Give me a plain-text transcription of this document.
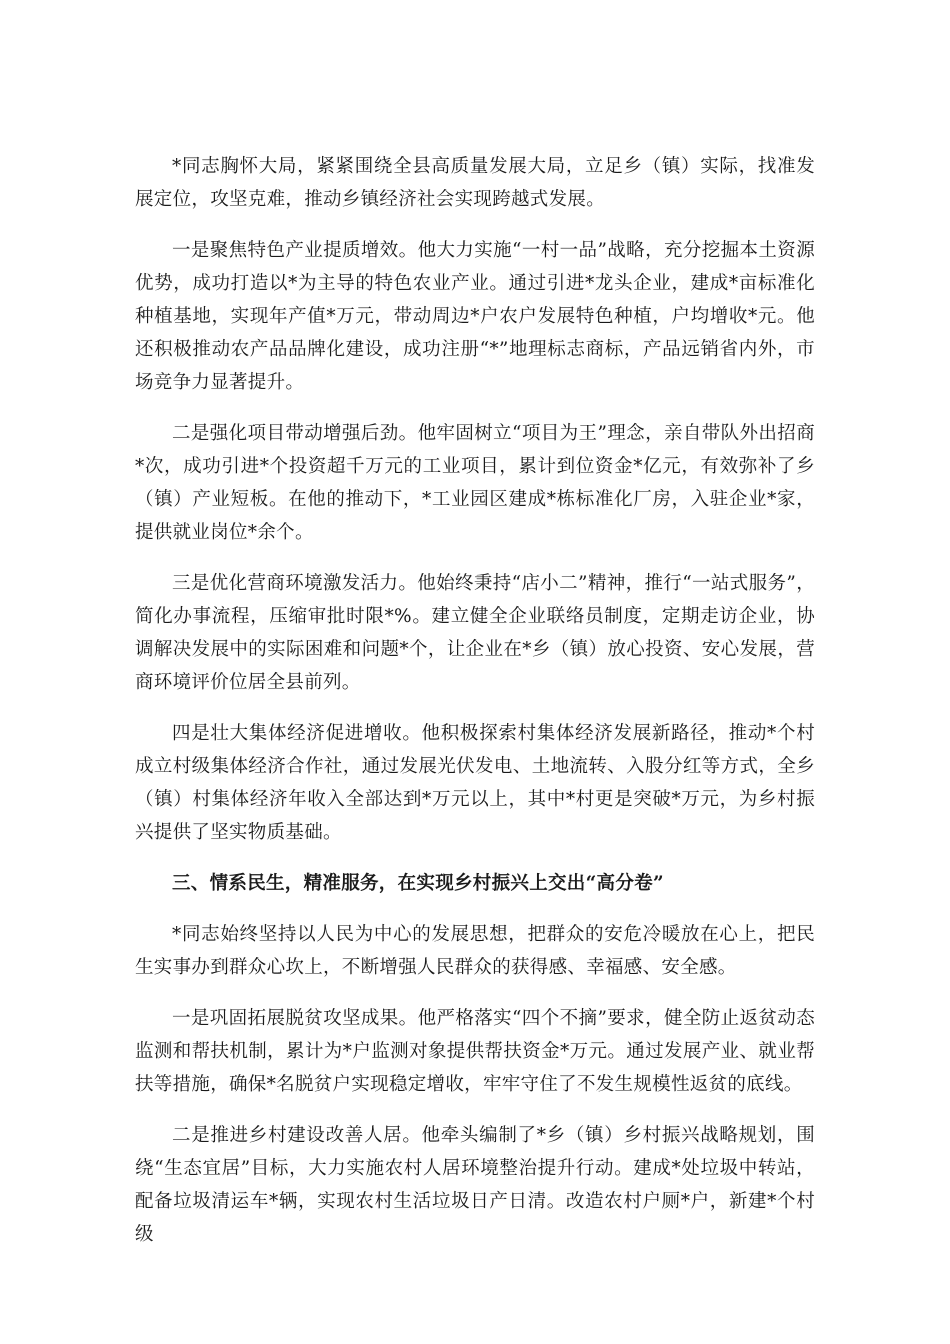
*同志胸怀大局，紧紧围绕全县高质量发展大局，立足乡（镇）实际，找准发展定位，攻坚克难，推动乡镇经济社会实现跨越式发展。

一是聚焦特色产业提质增效。他大力实施“一村一品”战略，充分挖掘本土资源优势，成功打造以*为主导的特色农业产业。通过引进*龙头企业，建成*亩标准化种植基地，实现年产值*万元，带动周边*户农户发展特色种植，户均增收*元。他还积极推动农产品品牌化建设，成功注册“*”地理标志商标，产品远销省内外，市场竞争力显著提升。

二是强化项目带动增强后劲。他牢固树立“项目为王”理念，亲自带队外出招商*次，成功引进*个投资超千万元的工业项目，累计到位资金*亿元，有效弥补了乡（镇）产业短板。在他的推动下，*工业园区建成*栋标准化厂房，入驻企业*家，提供就业岗位*余个。

三是优化营商环境激发活力。他始终秉持“店小二”精神，推行“一站式服务”，简化办事流程，压缩审批时限*%。建立健全企业联络员制度，定期走访企业，协调解决发展中的实际困难和问题*个，让企业在*乡（镇）放心投资、安心发展，营商环境评价位居全县前列。

四是壮大集体经济促进增收。他积极探索村集体经济发展新路径，推动*个村成立村级集体经济合作社，通过发展光伏发电、土地流转、入股分红等方式，全乡（镇）村集体经济年收入全部达到*万元以上，其中*村更是突破*万元，为乡村振兴提供了坚实物质基础。

三、情系民生，精准服务，在实现乡村振兴上交出“高分卷”

*同志始终坚持以人民为中心的发展思想，把群众的安危冷暖放在心上，把民生实事办到群众心坎上，不断增强人民群众的获得感、幸福感、安全感。

一是巩固拓展脱贫攻坚成果。他严格落实“四个不摘”要求，健全防止返贫动态监测和帮扶机制，累计为*户监测对象提供帮扶资金*万元。通过发展产业、就业帮扶等措施，确保*名脱贫户实现稳定增收，牢牢守住了不发生规模性返贫的底线。

二是推进乡村建设改善人居。他牵头编制了*乡（镇）乡村振兴战略规划，围绕“生态宜居”目标，大力实施农村人居环境整治提升行动。建成*处垃圾中转站，配备垃圾清运车*辆，实现农村生活垃圾日产日清。改造农村户厕*户，新建*个村级
